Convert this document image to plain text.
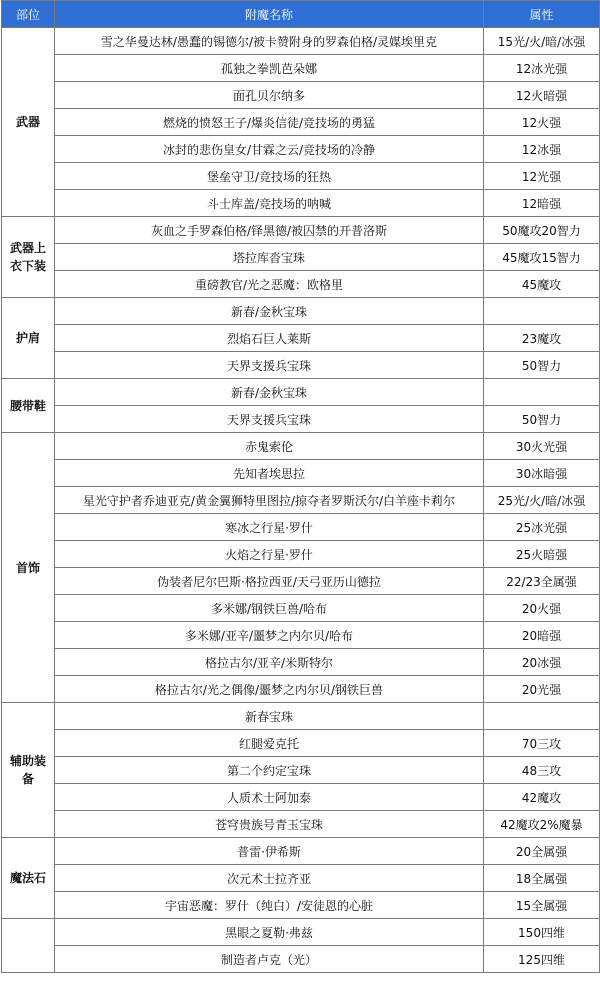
部位	附魔名称	属性
武器	雪之华曼达林/愚蠢的锡德尔/被卡赞附身的罗森伯格/灵媒埃里克	15光/火/暗/冰强
	孤独之拳凯芭朵娜	12冰光强
	面孔贝尔纳多	12火暗强
	燃烧的愤怒王子/爆炎信徒/竞技场的勇猛	12火强
	冰封的悲伤皇女/甘霖之云/竞技场的冷静	12冰强
	堡垒守卫/竞技场的狂热	12光强
	斗士库盖/竞技场的呐喊	12暗强
武器上衣下装	灰血之手罗森伯格/铎黑德/被囚禁的开普洛斯	50魔攻20智力
	塔拉库沓宝珠	45魔攻15智力
	重磅教官/光之恶魔：欧格里	45魔攻
护肩	新春/金秋宝珠	
	烈焰石巨人莱斯	23魔攻
	天界支援兵宝珠	50智力
腰带鞋	新春/金秋宝珠	
	天界支援兵宝珠	50智力
首饰	赤鬼索伦	30火光强
	先知者埃思拉	30冰暗强
	星光守护者乔迪亚克/黄金翼狮特里图拉/掠夺者罗斯沃尔/白羊座卡莉尔	25光/火/暗/冰强
	寒冰之行星·罗什	25冰光强
	火焰之行星·罗什	25火暗强
	伪装者尼尔巴斯·格拉西亚/天弓亚历山德拉	22/23全属强
	多米娜/钢铁巨兽/哈布	20火强
	多米娜/亚辛/噩梦之内尔贝/哈布	20暗强
	格拉古尔/亚辛/米斯特尔	20冰强
	格拉古尔/光之偶像/噩梦之内尔贝/钢铁巨兽	20光强
辅助装备	新春宝珠	
	红腿爱克托	70三攻
	第二个约定宝珠	48三攻
	人质术士阿加泰	42魔攻
	苍穹贵族号青玉宝珠	42魔攻2%魔暴
魔法石	普雷·伊希斯	20全属强
	次元术士拉齐亚	18全属强
	宇宙恶魔：罗什（纯白）/安徒恩的心脏	15全属强
	黑眼之夏勒·弗兹	150四维
	制造者卢克（光）	125四维
